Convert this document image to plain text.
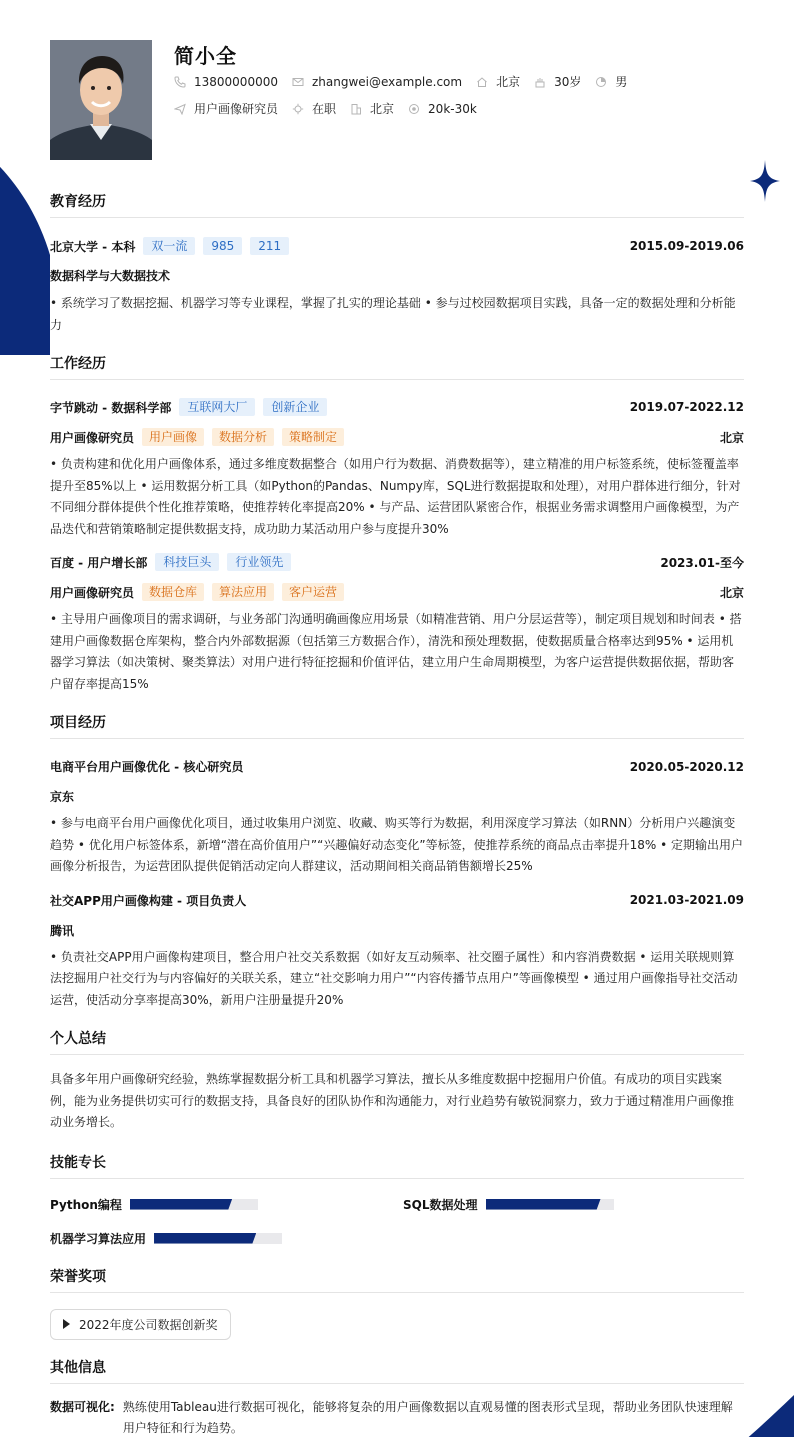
简小全
13800000000	zhangwei@example.com	北京	30岁	男
用户画像研究员	在职	北京	20k-30k
教育经历
北京大学 - 本科	双一流	985	211	2015.09-2019.06
数据科学与大数据技术
• 系统学习了数据挖掘、机器学习等专业课程，掌握了扎实的理论基础 • 参与过校园数据项目实践，具备一定的数据处理和分析能力
工作经历
字节跳动 - 数据科学部	互联网大厂	创新企业	2019.07-2022.12
用户画像研究员	用户画像	数据分析	策略制定	北京
• 负责构建和优化用户画像体系，通过多维度数据整合（如用户行为数据、消费数据等），建立精准的用户标签系统，使标签覆盖率提升至85%以上 • 运用数据分析工具（如Python的Pandas、Numpy库，SQL进行数据提取和处理），对用户群体进行细分，针对不同细分群体提供个性化推荐策略，使推荐转化率提高20% • 与产品、运营团队紧密合作，根据业务需求调整用户画像模型，为产品迭代和营销策略制定提供数据支持，成功助力某活动用户参与度提升30%
百度 - 用户增长部	科技巨头	行业领先	2023.01-至今
用户画像研究员	数据仓库	算法应用	客户运营	北京
• 主导用户画像项目的需求调研，与业务部门沟通明确画像应用场景（如精准营销、用户分层运营等），制定项目规划和时间表 • 搭建用户画像数据仓库架构，整合内外部数据源（包括第三方数据合作），清洗和预处理数据，使数据质量合格率达到95% • 运用机器学习算法（如决策树、聚类算法）对用户进行特征挖掘和价值评估，建立用户生命周期模型，为客户运营提供数据依据，帮助客户留存率提高15%
项目经历
电商平台用户画像优化 - 核心研究员	2020.05-2020.12
京东
• 参与电商平台用户画像优化项目，通过收集用户浏览、收藏、购买等行为数据，利用深度学习算法（如RNN）分析用户兴趣演变趋势 • 优化用户标签体系，新增“潜在高价值用户”“兴趣偏好动态变化”等标签，使推荐系统的商品点击率提升18% • 定期输出用户画像分析报告，为运营团队提供促销活动定向人群建议，活动期间相关商品销售额增长25%
社交APP用户画像构建 - 项目负责人	2021.03-2021.09
腾讯
• 负责社交APP用户画像构建项目，整合用户社交关系数据（如好友互动频率、社交圈子属性）和内容消费数据 • 运用关联规则算法挖掘用户社交行为与内容偏好的关联关系，建立“社交影响力用户”“内容传播节点用户”等画像模型 • 通过用户画像指导社交活动运营，使活动分享率提高30%，新用户注册量提升20%
个人总结
具备多年用户画像研究经验，熟练掌握数据分析工具和机器学习算法，擅长从多维度数据中挖掘用户价值。有成功的项目实践案例，能为业务提供切实可行的数据支持，具备良好的团队协作和沟通能力，对行业趋势有敏锐洞察力，致力于通过精准用户画像推动业务增长。
技能专长
Python编程	SQL数据处理
机器学习算法应用
荣誉奖项
2022年度公司数据创新奖
其他信息
数据可视化: 熟练使用Tableau进行数据可视化，能够将复杂的用户画像数据以直观易懂的图表形式呈现，帮助业务团队快速理解用户特征和行为趋势。
